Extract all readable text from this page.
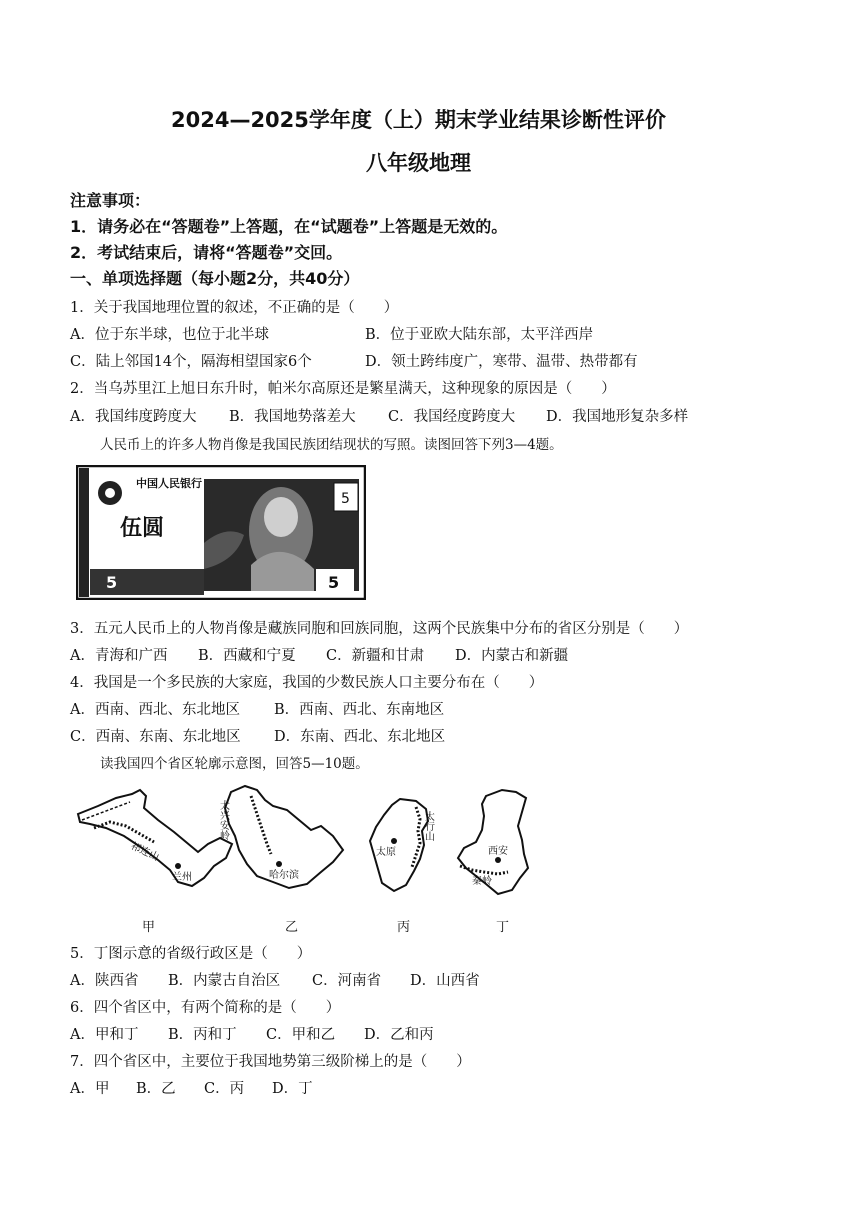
2024—2025学年度（上）期末学业结果诊断性评价
八年级地理
注意事项：
1．请务必在“答题卷”上答题，在“试题卷”上答题是无效的。
2．考试结束后，请将“答题卷”交回。
一、单项选择题（每小题2分，共40分）
1．关于我国地理位置的叙述，不正确的是（　　）
A．位于东半球，也位于北半球	B．位于亚欧大陆东部，太平洋西岸
C．陆上邻国14个，隔海相望国家6个	D．领土跨纬度广，寒带、温带、热带都有
2．当乌苏里江上旭日东升时，帕米尔高原还是繁星满天，这种现象的原因是（　　）
A．我国纬度跨度大 B．我国地势落差大 C．我国经度跨度大 D．我国地形复杂多样
人民币上的许多人物肖像是我国民族团结现状的写照。读图回答下列3—4题。
中国人民银行
伍圆
5
5	5
3．五元人民币上的人物肖像是藏族同胞和回族同胞，这两个民族集中分布的省区分别是（　　）
A．青海和广西 B．西藏和宁夏 C．新疆和甘肃 D．内蒙古和新疆
4．我国是一个多民族的大家庭，我国的少数民族人口主要分布在（　　）
A．西南、西北、东北地区 B．西南、西北、东南地区
C．西南、东南、东北地区 D．东南、西北、东北地区
读我国四个省区轮廓示意图，回答5—10题。
祁连山
兰州
大兴安岭
哈尔滨
太行山
太原	西安
秦岭
甲	乙	丙	丁
5．丁图示意的省级行政区是（　　）
A．陕西省 B．内蒙古自治区 C．河南省 D．山西省
6．四个省区中，有两个简称的是（　　）
A．甲和丁 B．丙和丁 C．甲和乙 D．乙和丙
7．四个省区中，主要位于我国地势第三级阶梯上的是（　　）
A．甲 B．乙 C．丙 D．丁
